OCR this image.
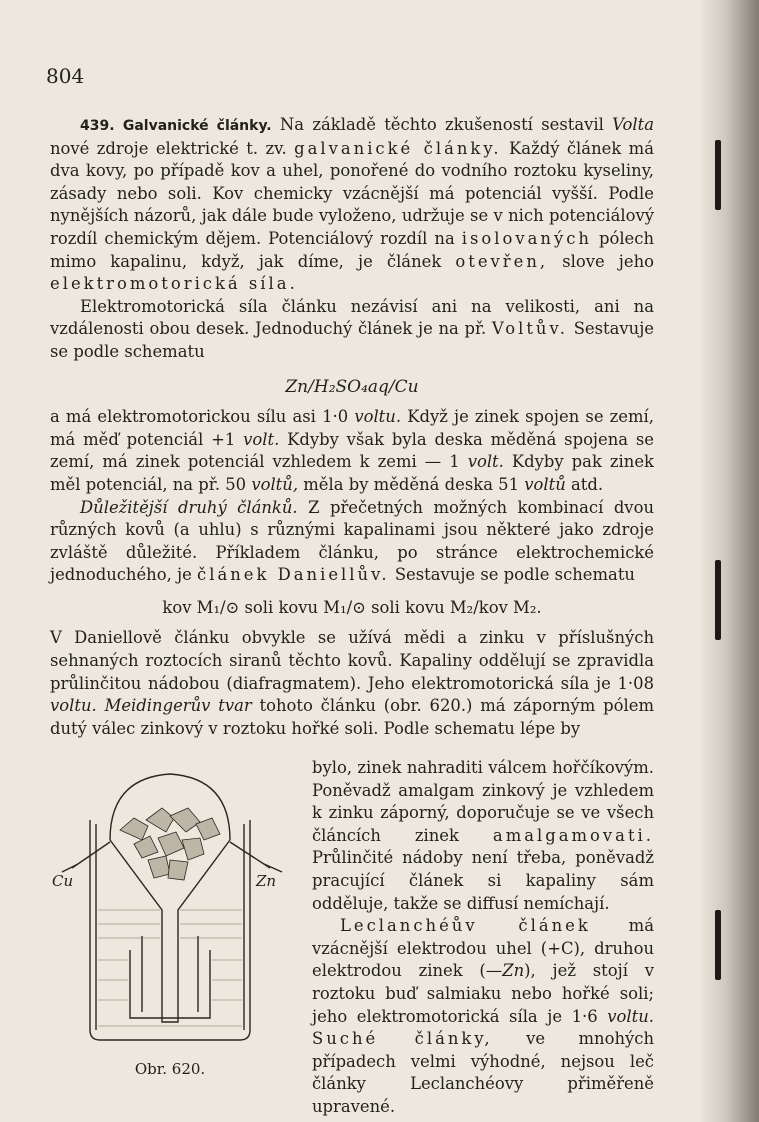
804

439. Galvanické články. Na základě těchto zkušeností sestavil Volta nové zdroje elektrické t. zv. galvanické články. Každý článek má dva kovy, po případě kov a uhel, ponořené do vodního roztoku kyseliny, zásady nebo soli. Kov chemicky vzácnější má potenciál vyšší. Podle nynějších názorů, jak dále bude vyloženo, udržuje se v nich potenciálový rozdíl chemickým dějem. Potenciálový rozdíl na isolovaných pólech mimo kapalinu, když, jak díme, je článek otevřen, slove jeho elektromotorická síla.

Elektromotorická síla článku nezávisí ani na velikosti, ani na vzdálenosti obou desek. Jednoduchý článek je na př. Voltův. Sestavuje se podle schematu

Zn/H₂SO₄aq/Cu

a má elektromotorickou sílu asi 1·0 voltu. Když je zinek spojen se zemí, má měď potenciál +1 volt. Kdyby však byla deska měděná spojena se zemí, má zinek potenciál vzhledem k zemi — 1 volt. Kdyby pak zinek měl potenciál, na př. 50 voltů, měla by měděná deska 51 voltů atd.

Důležitější druhý článků. Z přečetných možných kombinací dvou různých kovů (a uhlu) s různými kapalinami jsou některé jako zdroje zvláště důležité. Příkladem článku, po stránce elektrochemické jednoduchého, je článek Daniellův. Sestavuje se podle schematu

kov M₁/⊙ soli kovu M₁/⊙ soli kovu M₂/kov M₂.

V Daniellově článku obvykle se užívá mědi a zinku v příslušných sehnaných roztocích siranů těchto kovů. Kapaliny oddělují se zpravidla průlinčitou nádobou (diafragmatem). Jeho elektromotorická síla je 1·08 voltu. Meidingerův tvar tohoto článku (obr. 620.) má záporným pólem dutý válec zinkový v roztoku hořké soli. Podle schematu lépe by

Cu	Zn
Obr. 620.

bylo, zinek nahraditi válcem hořčíkovým. Poněvadž amalgam zinkový je vzhledem k zinku záporný, doporučuje se ve všech článcích zinek amalgamovati. Průlinčité nádoby není třeba, poněvadž pracující článek si kapaliny sám odděluje, takže se diffusí nemíchají.

Leclanchéův článek má vzácnější elektrodou uhel (+C), druhou elektrodou zinek (—Zn), jež stojí v roztoku buď salmiaku nebo hořké soli; jeho elektromotorická síla je 1·6 voltu. Suché články, ve mnohých případech velmi výhodné, nejsou leč články Leclanchéovy přiměřeně upravené.
